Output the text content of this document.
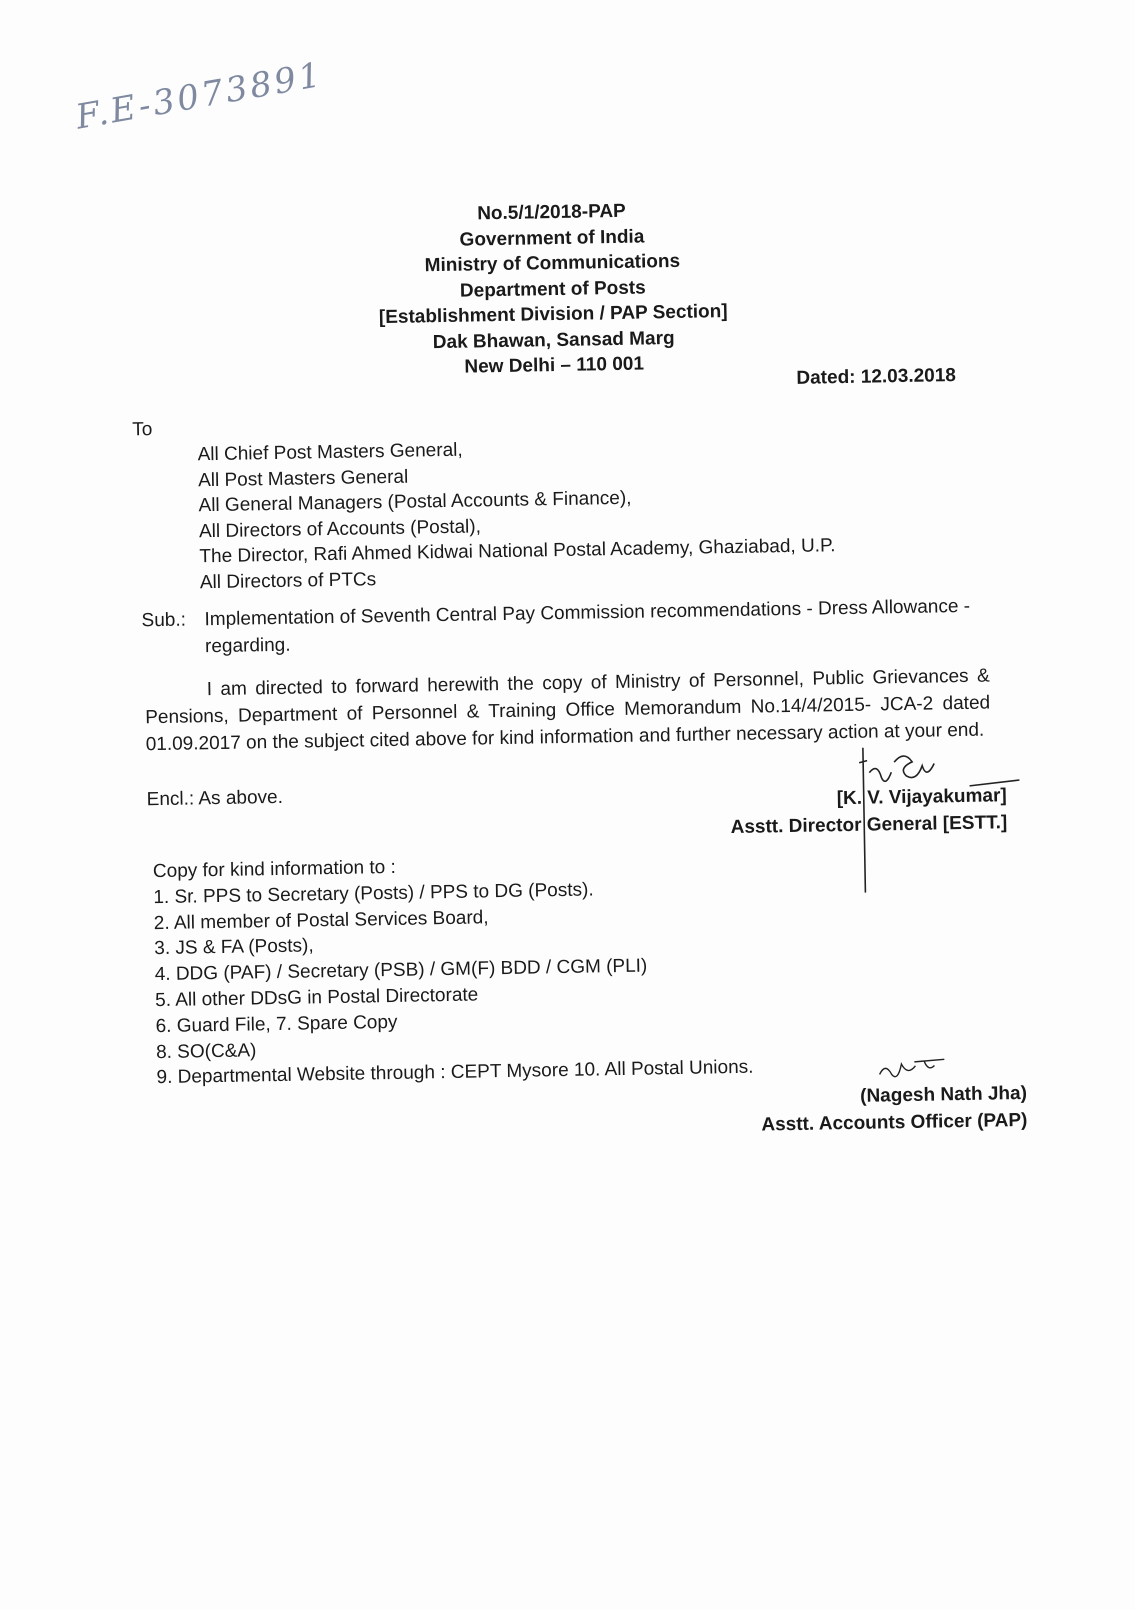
F.E-3073891
No.5/1/2018-PAP
Government of India
Ministry of Communications
Department of Posts
[Establishment Division / PAP Section]
Dak Bhawan, Sansad Marg
New Delhi – 110 001	Dated: 12.03.2018
To
All Chief Post Masters General,
All Post Masters General
All General Managers (Postal Accounts & Finance),
All Directors of Accounts (Postal),
The Director, Rafi Ahmed Kidwai National Postal Academy, Ghaziabad, U.P.
All Directors of PTCs
Sub.: Implementation of Seventh Central Pay Commission recommendations - Dress Allowance - regarding.
I am directed to forward herewith the copy of Ministry of Personnel, Public Grievances & Pensions, Department of Personnel & Training Office Memorandum No.14/4/2015- JCA-2 dated 01.09.2017 on the subject cited above for kind information and further necessary action at your end.
Encl.: As above.	[K. V. Vijayakumar]
Asstt. Director General [ESTT.]
Copy for kind information to :
1. Sr. PPS to Secretary (Posts) / PPS to DG (Posts).
2. All member of Postal Services Board,
3. JS & FA (Posts),
4. DDG (PAF) / Secretary (PSB) / GM(F) BDD / CGM (PLI)
5. All other DDsG in Postal Directorate
6. Guard File, 7. Spare Copy
8. SO(C&A)
9. Departmental Website through : CEPT Mysore 10. All Postal Unions.
(Nagesh Nath Jha)
Asstt. Accounts Officer (PAP)
